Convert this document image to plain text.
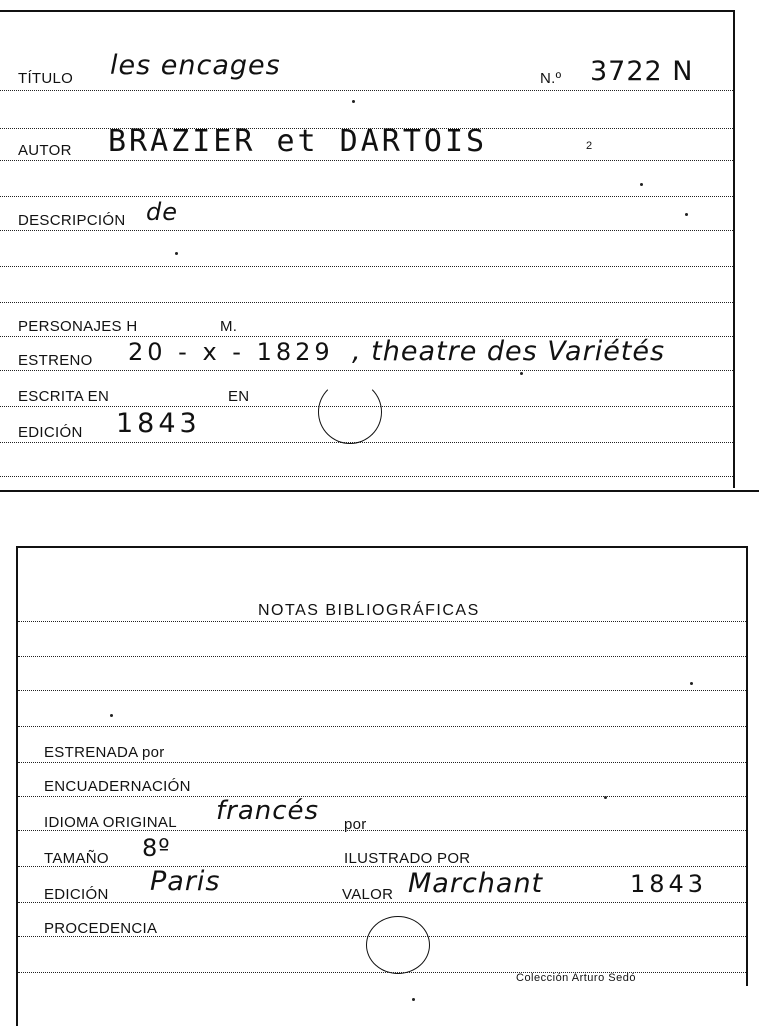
TÍTULO les encages	N.º 3722 N
AUTOR BRAZIER et DARTOIS	2
DESCRIPCIÓN de
PERSONAJES H	M.
ESTRENO 20 - x - 1829 , theatre des Variétés
ESCRITA EN	EN
EDICIÓN 1843
NOTAS BIBLIOGRÁFICAS
ESTRENADA por
ENCUADERNACIÓN
IDIOMA ORIGINAL francés por
TAMAÑO 8º	ILUSTRADO POR
EDICIÓN Paris	VALOR Marchant	1843
PROCEDENCIA
Colección Arturo Sedó
